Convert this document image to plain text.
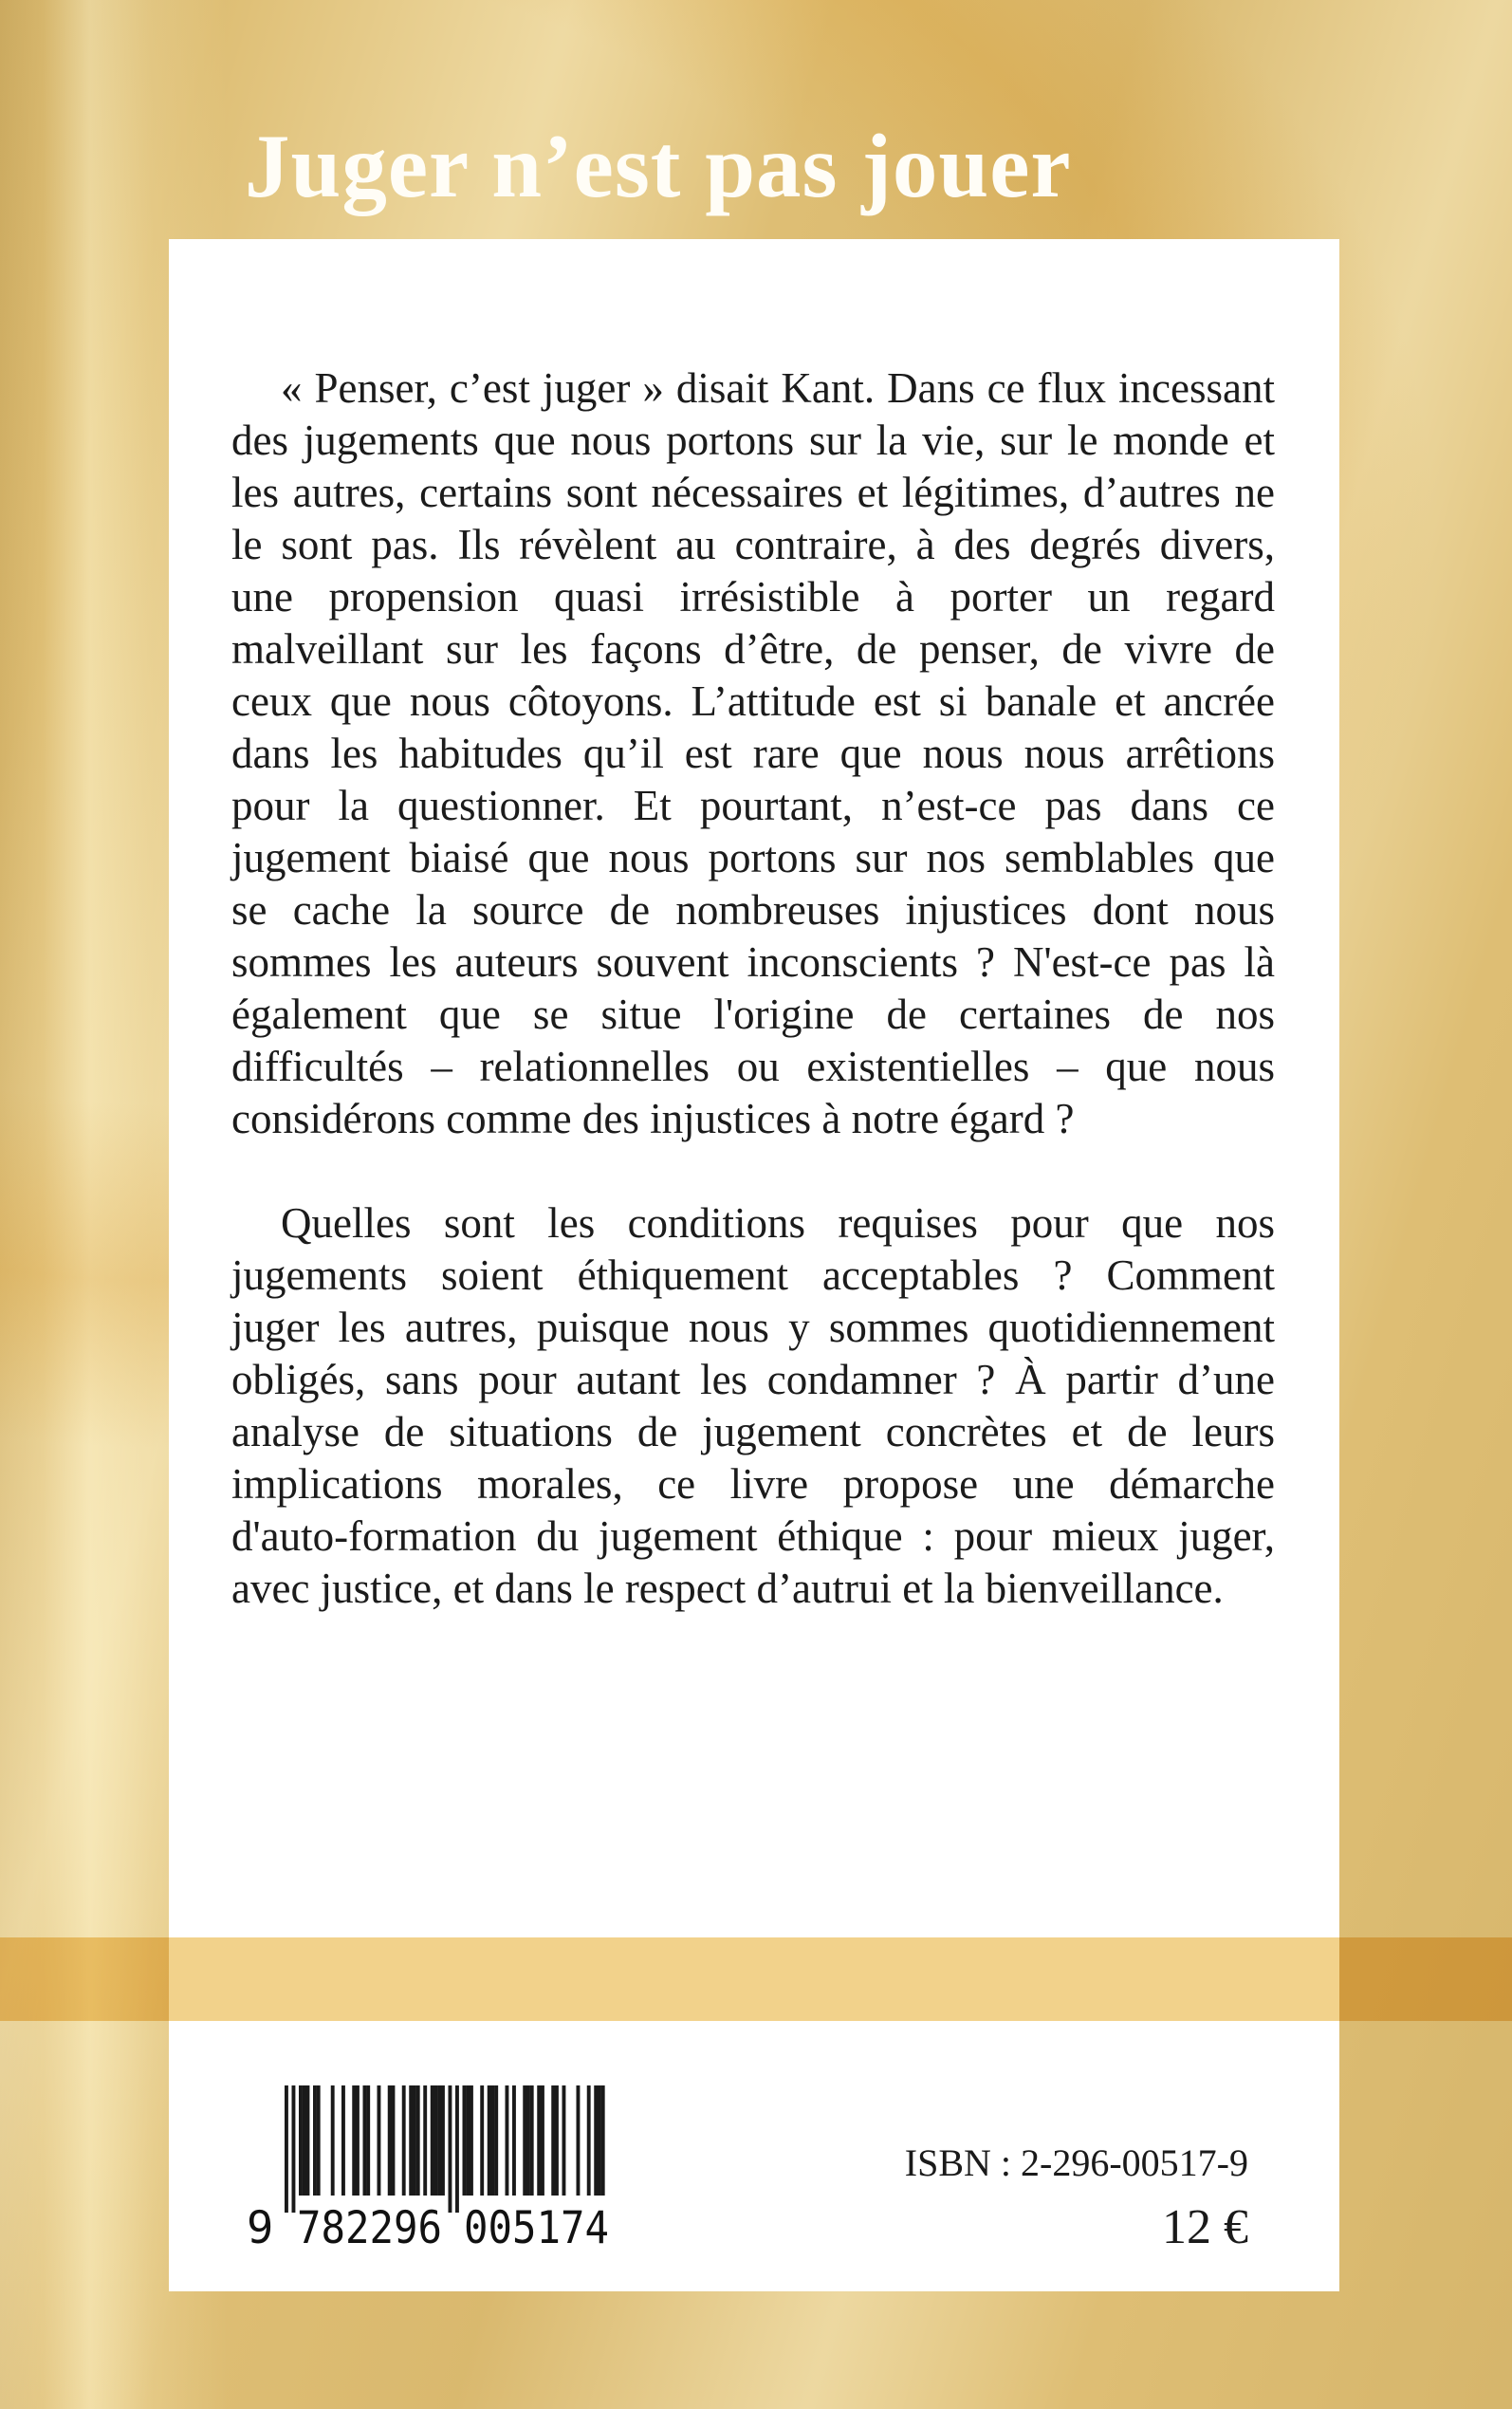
Juger n’est pas jouer
« Penser, c’est juger » disait Kant. Dans ce flux incessant
des jugements que nous portons sur la vie, sur le monde et
les autres, certains sont nécessaires et légitimes, d’autres ne
le sont pas. Ils révèlent au contraire, à des degrés divers,
une propension quasi irrésistible à porter un regard
malveillant sur les façons d’être, de penser, de vivre de
ceux que nous côtoyons. L’attitude est si banale et ancrée
dans les habitudes qu’il est rare que nous nous arrêtions
pour la questionner. Et pourtant, n’est-ce pas dans ce
jugement biaisé que nous portons sur nos semblables que
se cache la source de nombreuses injustices dont nous
sommes les auteurs souvent inconscients ? N'est-ce pas là
également que se situe l'origine de certaines de nos
difficultés – relationnelles ou existentielles – que nous
considérons comme des injustices à notre égard ?
Quelles sont les conditions requises pour que nos
jugements soient éthiquement acceptables ? Comment
juger les autres, puisque nous y sommes quotidiennement
obligés, sans pour autant les condamner ? À partir d’une
analyse de situations de jugement concrètes et de leurs
implications morales, ce livre propose une démarche
d'auto-formation du jugement éthique : pour mieux juger,
avec justice, et dans le respect d’autrui et la bienveillance.
9 782296 005174
ISBN : 2-296-00517-9
12 €
